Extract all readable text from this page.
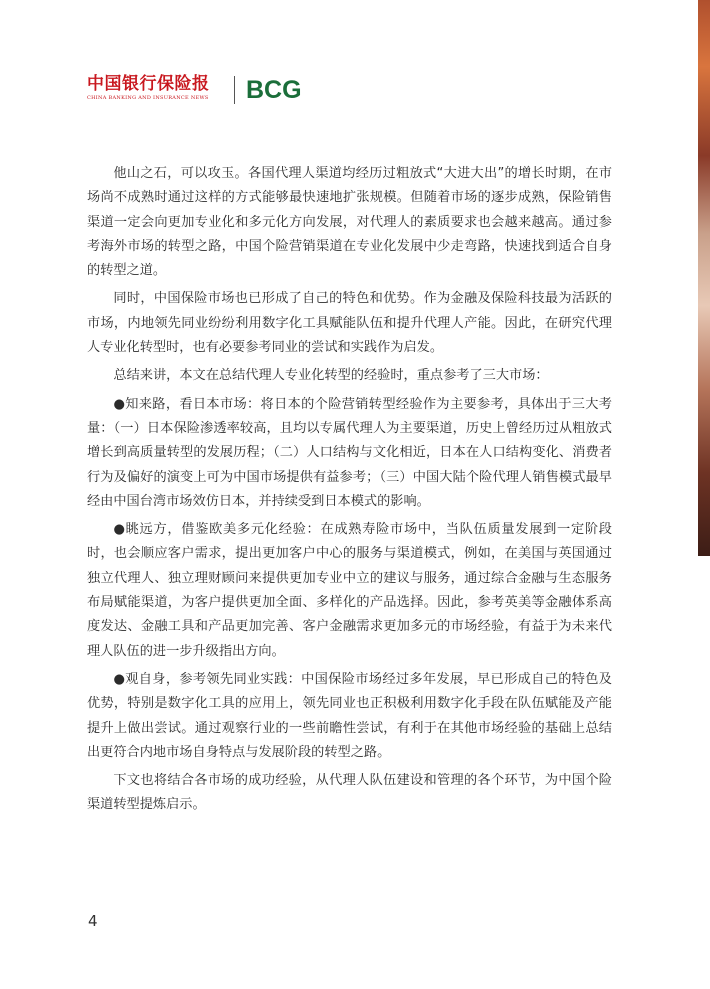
中国银行保险报
CHINA BANKING AND INSURANCE NEWS	BCG

他山之石，可以攻玉。各国代理人渠道均经历过粗放式“大进大出”的增长时期，在市场尚不成熟时通过这样的方式能够最快速地扩张规模。但随着市场的逐步成熟，保险销售渠道一定会向更加专业化和多元化方向发展，对代理人的素质要求也会越来越高。通过参考海外市场的转型之路，中国个险营销渠道在专业化发展中少走弯路，快速找到适合自身的转型之道。

同时，中国保险市场也已形成了自己的特色和优势。作为金融及保险科技最为活跃的市场，内地领先同业纷纷利用数字化工具赋能队伍和提升代理人产能。因此，在研究代理人专业化转型时，也有必要参考同业的尝试和实践作为启发。

总结来讲，本文在总结代理人专业化转型的经验时，重点参考了三大市场：

●知来路，看日本市场：将日本的个险营销转型经验作为主要参考，具体出于三大考量：（一）日本保险渗透率较高，且均以专属代理人为主要渠道，历史上曾经历过从粗放式增长到高质量转型的发展历程；（二）人口结构与文化相近，日本在人口结构变化、消费者行为及偏好的演变上可为中国市场提供有益参考；（三）中国大陆个险代理人销售模式最早经由中国台湾市场效仿日本，并持续受到日本模式的影响。

●眺远方，借鉴欧美多元化经验：在成熟寿险市场中，当队伍质量发展到一定阶段时，也会顺应客户需求，提出更加客户中心的服务与渠道模式，例如，在美国与英国通过独立代理人、独立理财顾问来提供更加专业中立的建议与服务，通过综合金融与生态服务布局赋能渠道，为客户提供更加全面、多样化的产品选择。因此，参考英美等金融体系高度发达、金融工具和产品更加完善、客户金融需求更加多元的市场经验，有益于为未来代理人队伍的进一步升级指出方向。

●观自身，参考领先同业实践：中国保险市场经过多年发展，早已形成自己的特色及优势，特别是数字化工具的应用上，领先同业也正积极利用数字化手段在队伍赋能及产能提升上做出尝试。通过观察行业的一些前瞻性尝试，有利于在其他市场经验的基础上总结出更符合内地市场自身特点与发展阶段的转型之路。

下文也将结合各市场的成功经验，从代理人队伍建设和管理的各个环节，为中国个险渠道转型提炼启示。

4
